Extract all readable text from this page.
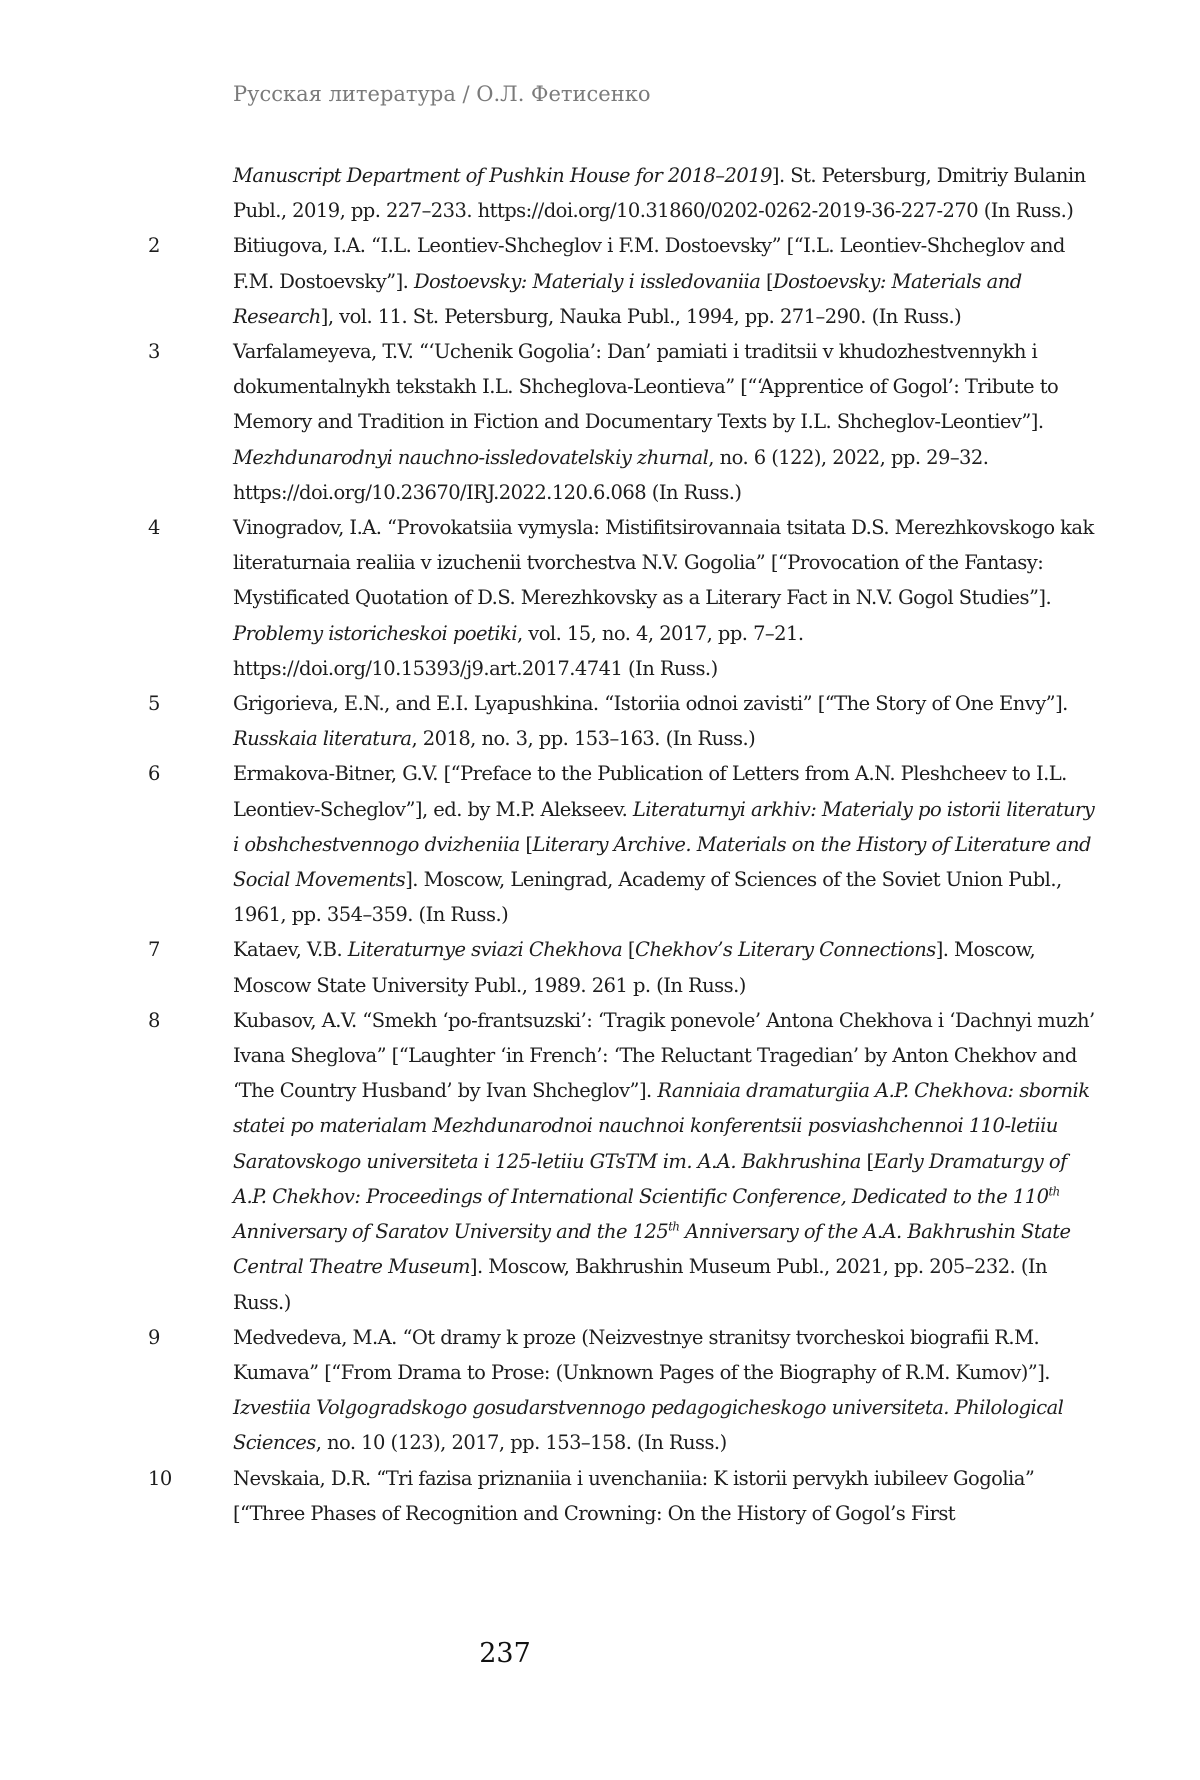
Русская литература / О.Л. Фетисенко
Manuscript Department of Pushkin House for 2018–2019]. St. Petersburg, Dmitriy Bulanin Publ., 2019, pp. 227–233. https://doi.org/10.31860/0202-0262-2019-36-227-270 (In Russ.)
2	Bitiugova, I.A. “I.L. Leontiev-Shcheglov i F.M. Dostoevsky” [“I.L. Leontiev-Shcheglov and F.M. Dostoevsky”]. Dostoevsky: Materialy i issledovaniia [Dostoevsky: Materials and Research], vol. 11. St. Petersburg, Nauka Publ., 1994, pp. 271–290. (In Russ.)
3	Varfalameyeva, T.V. “‘Uchenik Gogolia’: Dan’ pamiati i traditsii v khudozhestvennykh i dokumentalnykh tekstakh I.L. Shcheglova-Leontieva” [“‘Apprentice of Gogol’: Tribute to Memory and Tradition in Fiction and Documentary Texts by I.L. Shcheglov-Leontiev”]. Mezhdunarodnyi nauchno-issledovatelskiy zhurnal, no. 6 (122), 2022, pp. 29–32. https://doi.org/10.23670/IRJ.2022.120.6.068 (In Russ.)
4	Vinogradov, I.A. “Provokatsiia vymysla: Mistifitsirovannaia tsitata D.S. Merezhkovskogo kak literaturnaia realiia v izuchenii tvorchestva N.V. Gogolia” [“Provocation of the Fantasy: Mystificated Quotation of D.S. Merezhkovsky as a Literary Fact in N.V. Gogol Studies”]. Problemy istoricheskoi poetiki, vol. 15, no. 4, 2017, pp. 7–21. https://doi.org/10.15393/j9.art.2017.4741 (In Russ.)
5	Grigorieva, E.N., and E.I. Lyapushkina. “Istoriia odnoi zavisti” [“The Story of One Envy”]. Russkaia literatura, 2018, no. 3, pp. 153–163. (In Russ.)
6	Ermakova-Bitner, G.V. [“Preface to the Publication of Letters from A.N. Pleshcheev to I.L. Leontiev-Scheglov”], ed. by M.P. Alekseev. Literaturnyi arkhiv: Materialy po istorii literatury i obshchestvennogo dvizheniia [Literary Archive. Materials on the History of Literature and Social Movements]. Moscow, Leningrad, Academy of Sciences of the Soviet Union Publ., 1961, pp. 354–359. (In Russ.)
7	Kataev, V.B. Literaturnye sviazi Chekhova [Chekhov’s Literary Connections]. Moscow, Moscow State University Publ., 1989. 261 p. (In Russ.)
8	Kubasov, A.V. “Smekh ‘po-frantsuzski’: ‘Tragik ponevole’ Antona Chekhova i ‘Dachnyi muzh’ Ivana Sheglova” [“Laughter ‘in French’: ‘The Reluctant Tragedian’ by Anton Chekhov and ‘The Country Husband’ by Ivan Shcheglov”]. Ranniaia dramaturgiia A.P. Chekhova: sbornik statei po materialam Mezhdunarodnoi nauchnoi konferentsii posviashchennoi 110-letiiu Saratovskogo universiteta i 125-letiiu GTsTM im. A.A. Bakhrushina [Early Dramaturgy of A.P. Chekhov: Proceedings of International Scientific Conference, Dedicated to the 110th Anniversary of Saratov University and the 125th Anniversary of the A.A. Bakhrushin State Central Theatre Museum]. Moscow, Bakhrushin Museum Publ., 2021, pp. 205–232. (In Russ.)
9	Medvedeva, M.A. “Ot dramy k proze (Neizvestnye stranitsy tvorcheskoi biografii R.M. Kumava” [“From Drama to Prose: (Unknown Pages of the Biography of R.M. Kumov)”]. Izvestiia Volgogradskogo gosudarstvennogo pedagogicheskogo universiteta. Philological Sciences, no. 10 (123), 2017, pp. 153–158. (In Russ.)
10	Nevskaia, D.R. “Tri fazisa priznaniia i uvenchaniia: K istorii pervykh iubileev Gogolia” [“Three Phases of Recognition and Crowning: On the History of Gogol’s First
237
